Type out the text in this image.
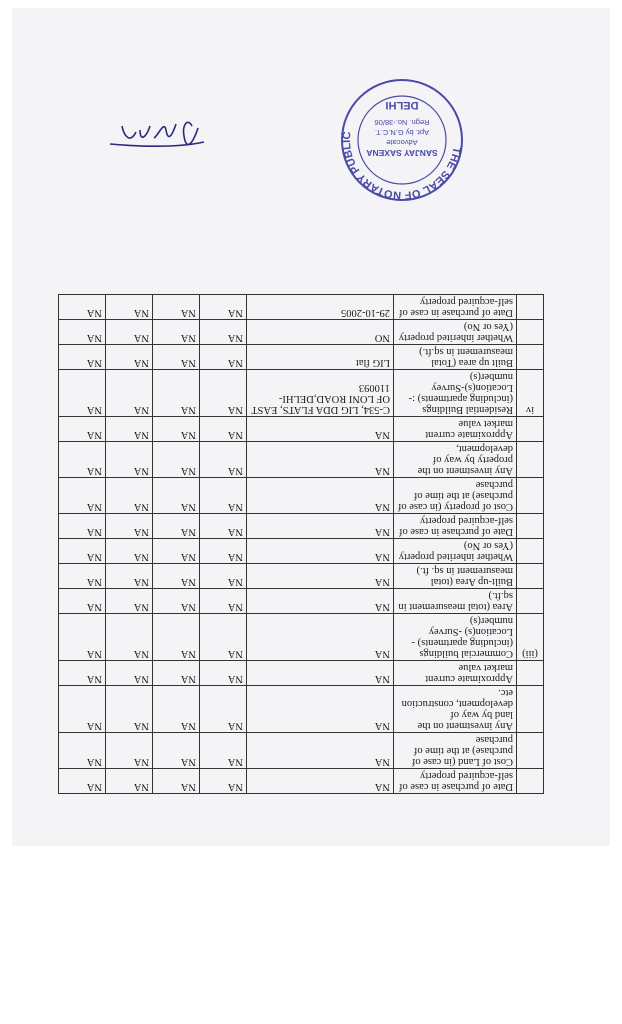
	Date of purchase in case of self-acquired property	NA	NA	NA	NA	NA
	Cost of Land (in case of purchase) at the time of purchase	NA	NA	NA	NA	NA
	Any investment on the land by way of development, construction etc.	NA	NA	NA	NA	NA
	Approximate current market value	NA	NA	NA	NA	NA
(iii)	Commercial buildings (including apartments) -Location(s) -Survey number(s)	NA	NA	NA	NA	NA
	Area (total measurement in sq.ft.)	NA	NA	NA	NA	NA
	Built-up Area (total measurement in sq. ft.)	NA	NA	NA	NA	NA
	Whether inherited property (Yes or No)	NA	NA	NA	NA	NA
	Date of purchase in case of self-acquired property	NA	NA	NA	NA	NA
	Cost of property (in case of purchase) at the time of purchase	NA	NA	NA	NA	NA
	Any investment on the property by way of development,	NA	NA	NA	NA	NA
	Approximate current market value	NA	NA	NA	NA	NA
iv	Residential Buildings (including apartments) :- Location(s)-Survey number(s)	C-534, LIG DDA FLATS, EAST OF LONI ROAD,DELHI-110093	NA	NA	NA	NA
	Built up area (Total measurement in sq.ft.)	LIG flat	NA	NA	NA	NA
	Whether inherited property (Yes or No)	NO	NA	NA	NA	NA
	Date of purchase in case of self-acquired property	29-10-2005	NA	NA	NA	NA
THE SEAL OF NOTARY PUBLIC
DELHI
SANJAY SAXENA
Advocate
Apt. by G.N.C.T.
Regn. No.-38/06
